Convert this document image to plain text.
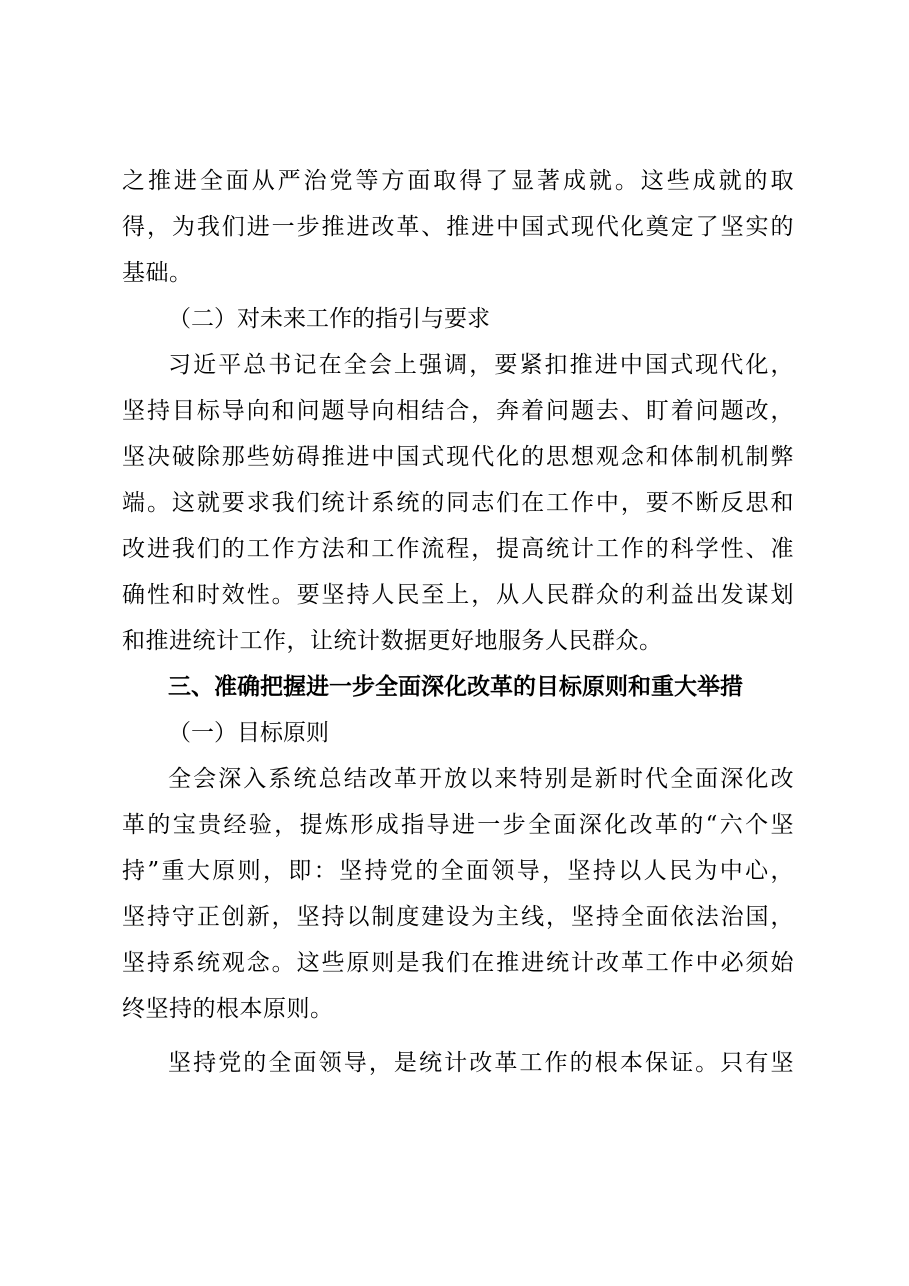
之推进全面从严治党等方面取得了显著成就。这些成就的取
得，为我们进一步推进改革、推进中国式现代化奠定了坚实的
基础。
（二）对未来工作的指引与要求
习近平总书记在全会上强调，要紧扣推进中国式现代化，
坚持目标导向和问题导向相结合，奔着问题去、盯着问题改，
坚决破除那些妨碍推进中国式现代化的思想观念和体制机制弊
端。这就要求我们统计系统的同志们在工作中，要不断反思和
改进我们的工作方法和工作流程，提高统计工作的科学性、准
确性和时效性。要坚持人民至上，从人民群众的利益出发谋划
和推进统计工作，让统计数据更好地服务人民群众。
三、准确把握进一步全面深化改革的目标原则和重大举措
（一）目标原则
全会深入系统总结改革开放以来特别是新时代全面深化改
革的宝贵经验，提炼形成指导进一步全面深化改革的“六个坚
持”重大原则，即：坚持党的全面领导，坚持以人民为中心，
坚持守正创新，坚持以制度建设为主线，坚持全面依法治国，
坚持系统观念。这些原则是我们在推进统计改革工作中必须始
终坚持的根本原则。
坚持党的全面领导，是统计改革工作的根本保证。只有坚
